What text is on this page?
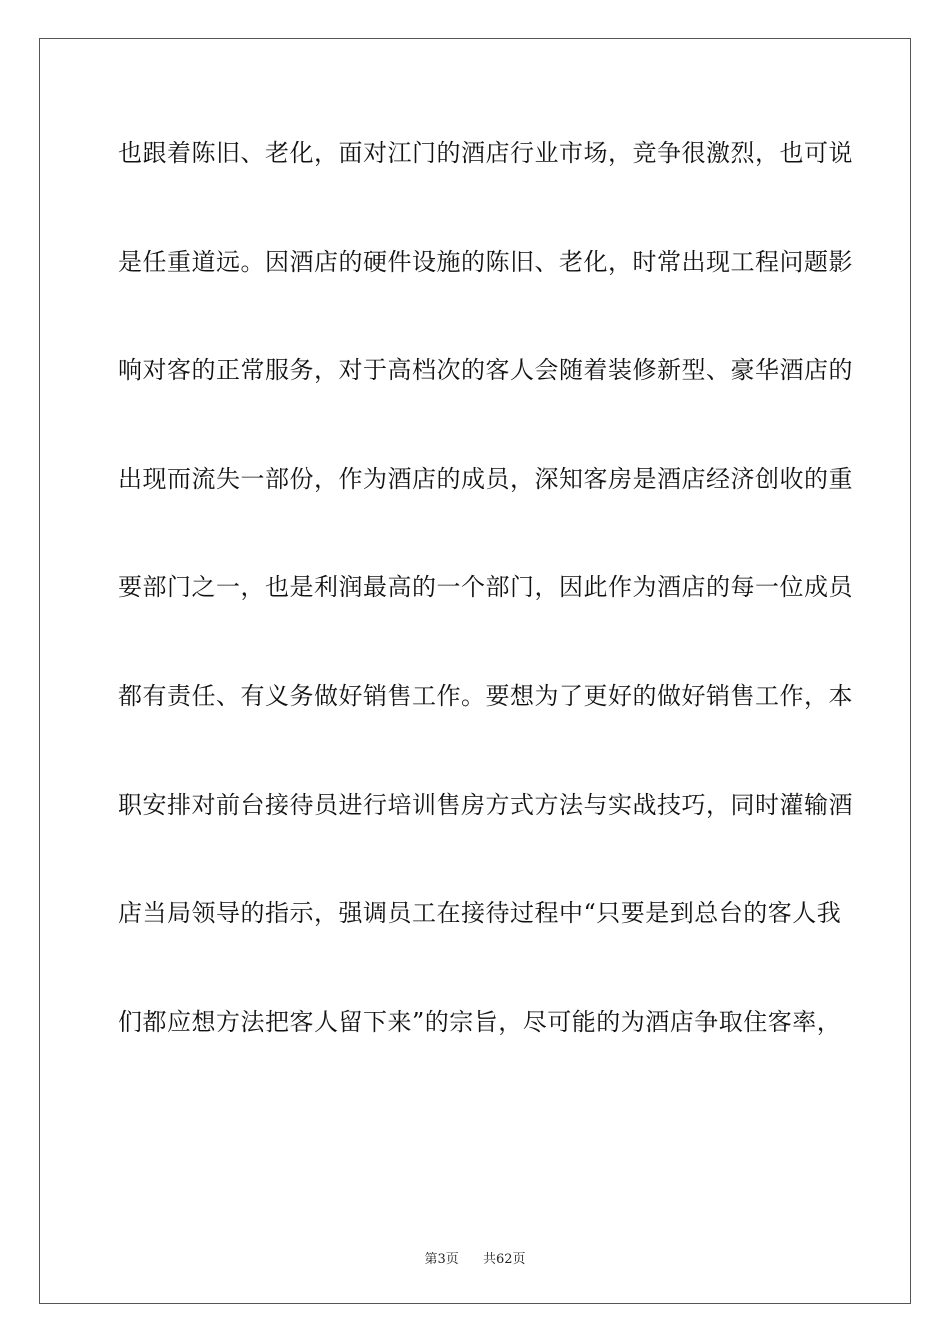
也跟着陈旧、老化，面对江门的酒店行业市场，竞争很激烈，也可说
是任重道远。因酒店的硬件设施的陈旧、老化，时常出现工程问题影
响对客的正常服务，对于高档次的客人会随着装修新型、豪华酒店的
出现而流失一部份，作为酒店的成员，深知客房是酒店经济创收的重
要部门之一，也是利润最高的一个部门，因此作为酒店的每一位成员
都有责任、有义务做好销售工作。要想为了更好的做好销售工作，本
职安排对前台接待员进行培训售房方式方法与实战技巧，同时灌输酒
店当局领导的指示，强调员工在接待过程中“只要是到总台的客人我
们都应想方法把客人留下来”的宗旨，尽可能的为酒店争取住客率，
第3页 共62页
